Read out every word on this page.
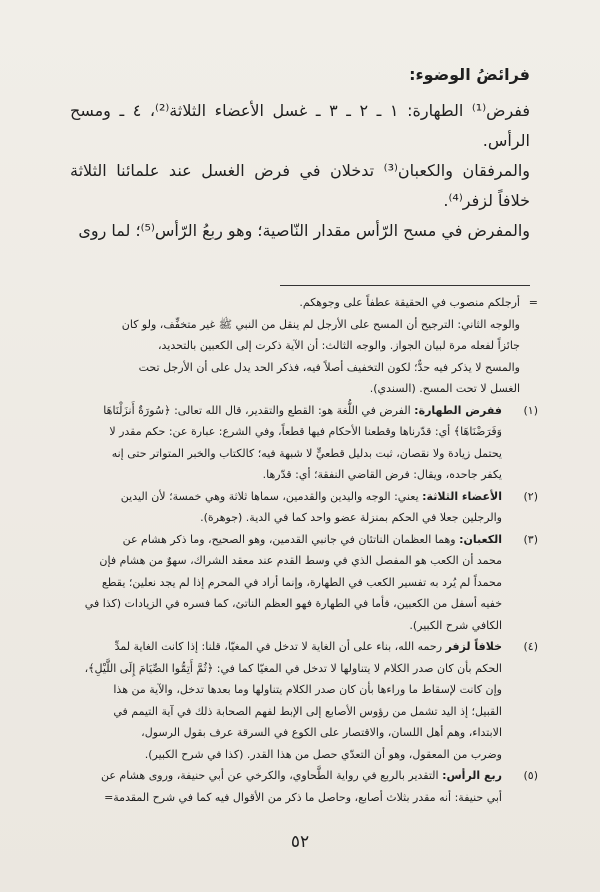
فرائضُ الوضوء:

ففرض⁽¹⁾ الطهارة: ١ ـ ٢ ـ ٣ ـ غسل الأعضاء الثلاثة⁽²⁾، ٤ ـ ومسح الرأس.

والمرفقان والكعبان⁽³⁾ تدخلان في فرض الغسل عند علمائنا الثلاثة خلافاً لزفر⁽⁴⁾.

والمفرض في مسح الرّأس مقدار النّاصية؛ وهو ربعُ الرّأس⁽⁵⁾؛ لما روى

=

أرجلكم منصوب في الحقيقة عطفاً على وجوهكم.

والوجه الثاني: الترجيح أن المسح على الأرجل لم ينقل من النبي ﷺ غير متخفِّف، ولو كان

جائزاً لفعله مرة لبيان الجواز. والوجه الثالث: أن الآية ذكرت إلى الكعبين بالتحديد،

والمسح لا يذكر فيه حدٌّ؛ لكون التخفيف أصلاً فيه، فذكر الحد يدل على أن الأرجل تحت

الغسل لا تحت المسح. (السندي).

(١)

ففرض الطهارة: الفرض في اللُّغة هو: القطع والتقدير، قال الله تعالى: ﴿سُورَةٌ أَنزَلْنَاهَا

وَفَرَضْنَاهَا﴾ أي: قدّرناها وقطعنا الأحكام فيها قطعاً، وفي الشرع: عبارة عن: حكم مقدر لا

يحتمل زيادة ولا نقصان، ثبت بدليل قطعيٍّ لا شبهة فيه؛ كالكتاب والخبر المتواتر حتى إنه

يكفر جاحده، ويقال: فرض القاضي النفقة؛ أي: قدّرها.

(٢)

الأعضاء الثلاثة: يعني: الوجه واليدين والقدمين، سماها ثلاثة وهي خمسة؛ لأن اليدين

والرجلين جعلا في الحكم بمنزلة عضو واحد كما في الدية. (جوهرة).

(٣)

الكعبان: وهما العظمان الناتئان في جانبي القدمين، وهو الصحيح، وما ذكر هشام عن

محمد أن الكعب هو المفصل الذي في وسط القدم عند معقد الشراك، سهوٌ من هشام فإن

محمداً لم يُرد به تفسير الكعب في الطهارة، وإنما أراد في المحرم إذا لم يجد نعلين؛ يقطع

خفيه أسفل من الكعبين، فأما في الطهارة فهو العظم الناتئ، كما فسره في الزيادات (كذا في

الكافي شرح الكبير).

(٤)

خلافاً لزفر رحمه الله، بناء على أن الغاية لا تدخل في المغيّا، قلنا: إذا كانت الغاية لمدِّ

الحكم بأن كان صدر الكلام لا يتناولها لا تدخل في المغيّا كما في: ﴿ثُمَّ أَتِمُّوا الصِّيَامَ إِلَى اللَّيْلِ﴾،

وإن كانت لإسقاط ما وراءها بأن كان صدر الكلام يتناولها وما بعدها تدخل، والآية من هذا

القبيل؛ إذ اليد تشمل من رؤوس الأصابع إلى الإبط لفهم الصحابة ذلك في آية التيمم في

الابتداء، وهم أهل اللسان، والاقتصار على الكوع في السرقة عرف بقول الرسول،

وضرب من المعقول، وهو أن التعدّي حصل من هذا القدر. (كذا في شرح الكبير).

(٥)

ربع الرأس: التقدير بالربع في رواية الطَّحاوي، والكرخي عن أبي حنيفة، وروى هشام عن

أبي حنيفة: أنه مقدر بثلاث أصابع، وحاصل ما ذكر من الأقوال فيه كما في شرح المقدمة=

٥٢
